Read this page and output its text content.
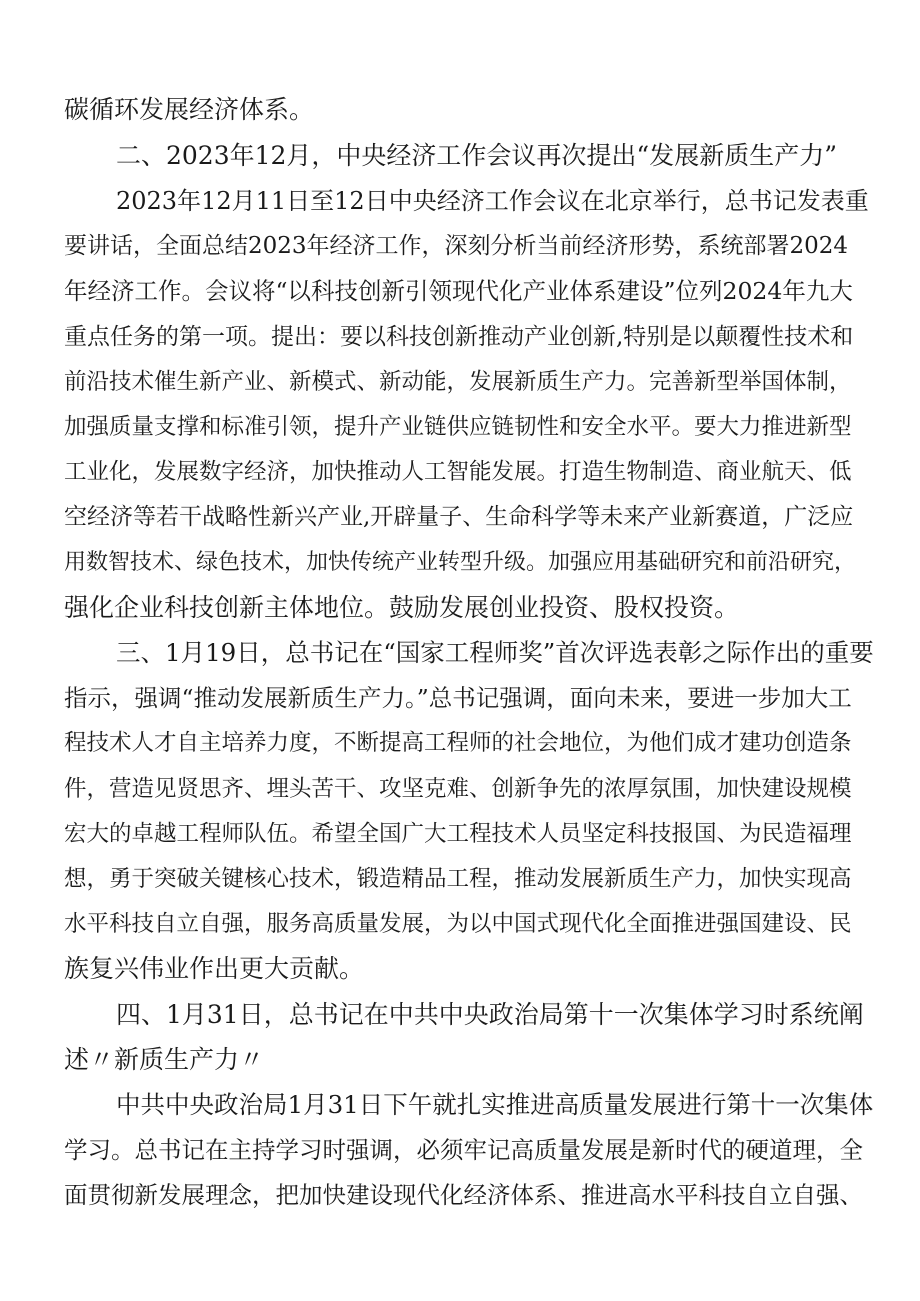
碳循环发展经济体系。
二、2023年12月，中央经济工作会议再次提出“发展新质生产力”
2023年12月11日至12日中央经济工作会议在北京举行，总书记发表重
要讲话，全面总结2023年经济工作，深刻分析当前经济形势，系统部署2024
年经济工作。会议将“以科技创新引领现代化产业体系建设”位列2024年九大
重点任务的第一项。提出：要以科技创新推动产业创新,特别是以颠覆性技术和
前沿技术催生新产业、新模式、新动能，发展新质生产力。完善新型举国体制，
加强质量支撑和标准引领，提升产业链供应链韧性和安全水平。要大力推进新型
工业化，发展数字经济，加快推动人工智能发展。打造生物制造、商业航天、低
空经济等若干战略性新兴产业,开辟量子、生命科学等未来产业新赛道，广泛应
用数智技术、绿色技术，加快传统产业转型升级。加强应用基础研究和前沿研究，
强化企业科技创新主体地位。鼓励发展创业投资、股权投资。
三、1月19日，总书记在“国家工程师奖”首次评选表彰之际作出的重要
指示，强调“推动发展新质生产力。”总书记强调，面向未来，要进一步加大工
程技术人才自主培养力度，不断提高工程师的社会地位，为他们成才建功创造条
件，营造见贤思齐、埋头苦干、攻坚克难、创新争先的浓厚氛围，加快建设规模
宏大的卓越工程师队伍。希望全国广大工程技术人员坚定科技报国、为民造福理
想，勇于突破关键核心技术，锻造精品工程，推动发展新质生产力，加快实现高
水平科技自立自强，服务高质量发展，为以中国式现代化全面推进强国建设、民
族复兴伟业作出更大贡献。
四、1月31日，总书记在中共中央政治局第十一次集体学习时系统阐
述〃新质生产力〃
中共中央政治局1月31日下午就扎实推进高质量发展进行第十一次集体
学习。总书记在主持学习时强调，必须牢记高质量发展是新时代的硬道理，全
面贯彻新发展理念，把加快建设现代化经济体系、推进高水平科技自立自强、
